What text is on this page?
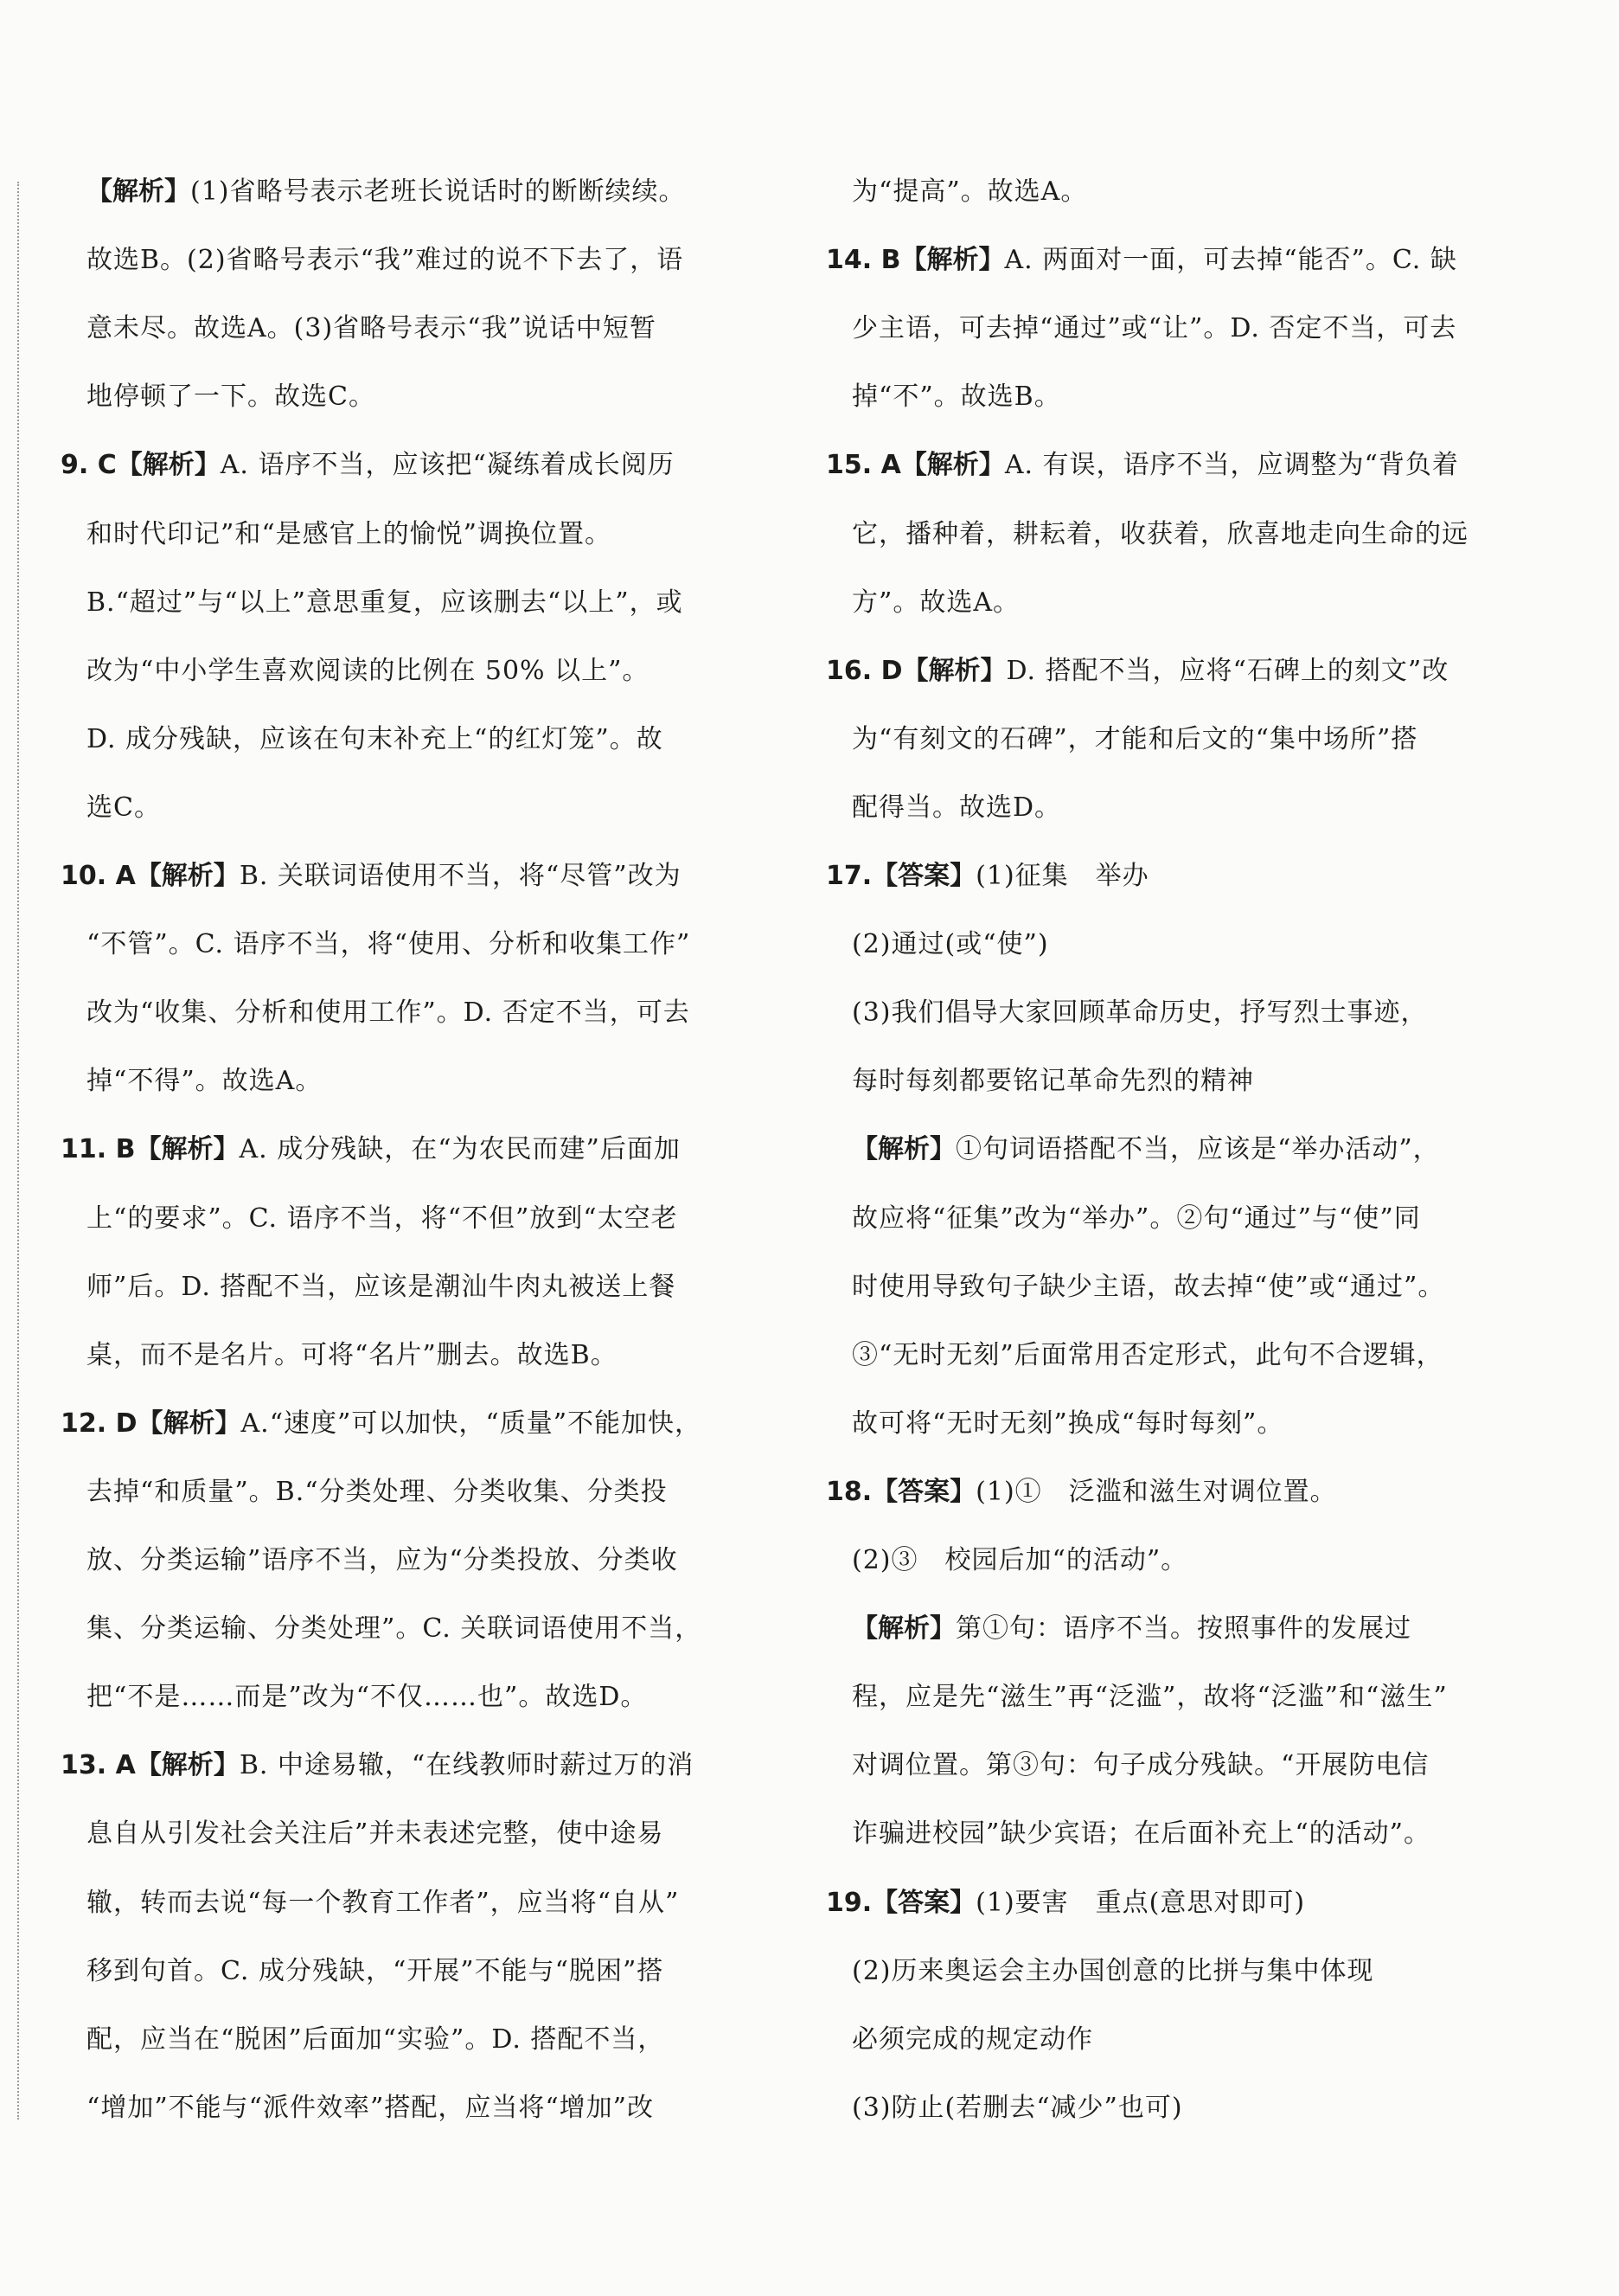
【解析】(1)省略号表示老班长说话时的断断续续。
故选B。(2)省略号表示“我”难过的说不下去了，语
意未尽。故选A。(3)省略号表示“我”说话中短暂
地停顿了一下。故选C。
9. C【解析】A. 语序不当，应该把“凝练着成长阅历
和时代印记”和“是感官上的愉悦”调换位置。
B.“超过”与“以上”意思重复，应该删去“以上”，或
改为“中小学生喜欢阅读的比例在 50% 以上”。
D. 成分残缺，应该在句末补充上“的红灯笼”。故
选C。
10. A【解析】B. 关联词语使用不当，将“尽管”改为
“不管”。C. 语序不当，将“使用、分析和收集工作”
改为“收集、分析和使用工作”。D. 否定不当，可去
掉“不得”。故选A。
11. B【解析】A. 成分残缺，在“为农民而建”后面加
上“的要求”。C. 语序不当，将“不但”放到“太空老
师”后。D. 搭配不当，应该是潮汕牛肉丸被送上餐
桌，而不是名片。可将“名片”删去。故选B。
12. D【解析】A.“速度”可以加快，“质量”不能加快，
去掉“和质量”。B.“分类处理、分类收集、分类投
放、分类运输”语序不当，应为“分类投放、分类收
集、分类运输、分类处理”。C. 关联词语使用不当，
把“不是……而是”改为“不仅……也”。故选D。
13. A【解析】B. 中途易辙，“在线教师时薪过万的消
息自从引发社会关注后”并未表述完整，使中途易
辙，转而去说“每一个教育工作者”，应当将“自从”
移到句首。C. 成分残缺，“开展”不能与“脱困”搭
配，应当在“脱困”后面加“实验”。D. 搭配不当，
“增加”不能与“派件效率”搭配，应当将“增加”改
为“提高”。故选A。
14. B【解析】A. 两面对一面，可去掉“能否”。C. 缺
少主语，可去掉“通过”或“让”。D. 否定不当，可去
掉“不”。故选B。
15. A【解析】A. 有误，语序不当，应调整为“背负着
它，播种着，耕耘着，收获着，欣喜地走向生命的远
方”。故选A。
16. D【解析】D. 搭配不当，应将“石碑上的刻文”改
为“有刻文的石碑”，才能和后文的“集中场所”搭
配得当。故选D。
17.【答案】(1)征集　举办
(2)通过(或“使”)
(3)我们倡导大家回顾革命历史，抒写烈士事迹，
每时每刻都要铭记革命先烈的精神
【解析】①句词语搭配不当，应该是“举办活动”，
故应将“征集”改为“举办”。②句“通过”与“使”同
时使用导致句子缺少主语，故去掉“使”或“通过”。
③“无时无刻”后面常用否定形式，此句不合逻辑，
故可将“无时无刻”换成“每时每刻”。
18.【答案】(1)①　泛滥和滋生对调位置。
(2)③　校园后加“的活动”。
【解析】第①句：语序不当。按照事件的发展过
程，应是先“滋生”再“泛滥”，故将“泛滥”和“滋生”
对调位置。第③句：句子成分残缺。“开展防电信
诈骗进校园”缺少宾语；在后面补充上“的活动”。
19.【答案】(1)要害　重点(意思对即可)
(2)历来奥运会主办国创意的比拼与集中体现
必须完成的规定动作
(3)防止(若删去“减少”也可)
